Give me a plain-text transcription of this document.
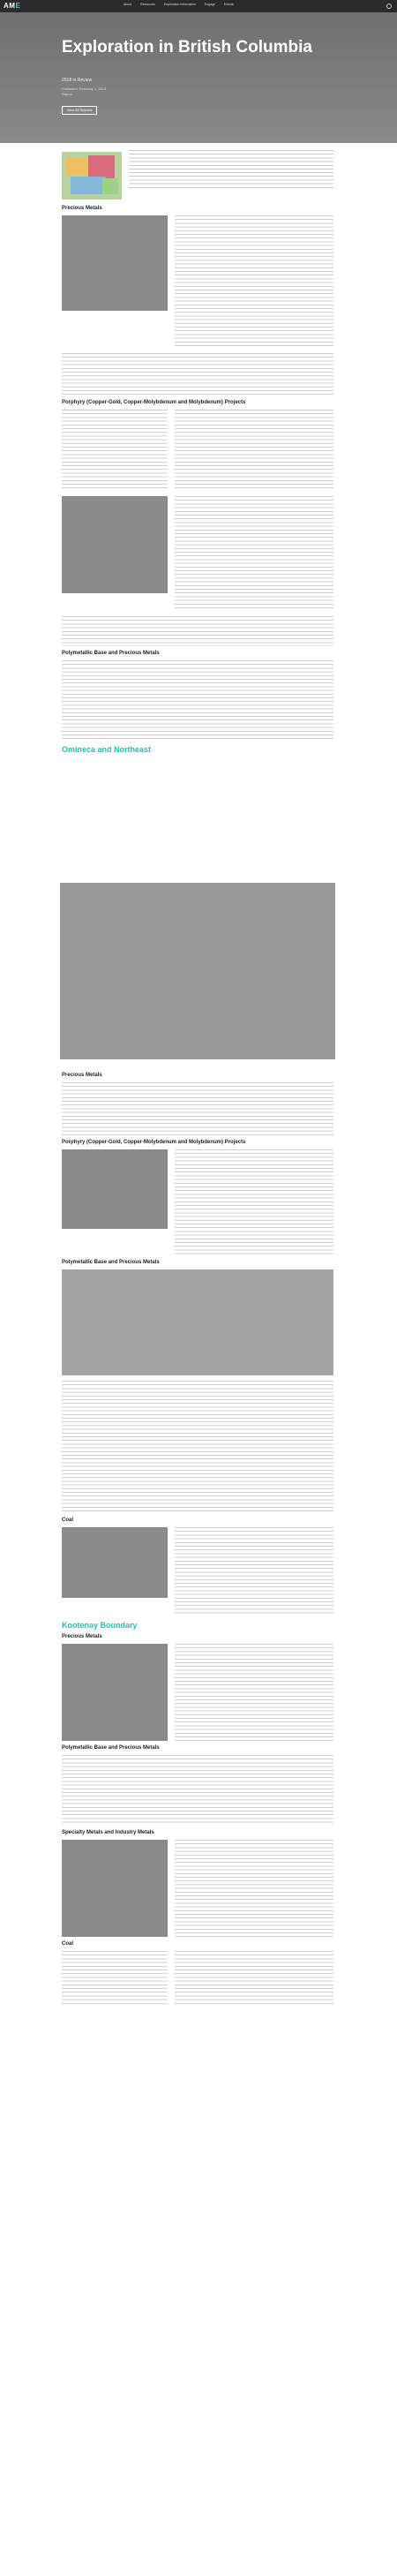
AME	About	Resources	Exploration Information	Engage	Events
Exploration in British Columbia
2018 in Review
Published: February 1, 2019 Report
View All Reports
Precious Metals
Porphyry (Copper-Gold, Copper-Molybdenum and Molybdenum) Projects
Polymetallic Base and Precious Metals
Omineca and Northeast
Precious Metals
Porphyry (Copper-Gold, Copper-Molybdenum and Molybdenum) Projects
Polymetallic Base and Precious Metals
Coal
Kootenay Boundary
Precious Metals
Polymetallic Base and Precious Metals
Specialty Metals and Industry Metals
Coal
